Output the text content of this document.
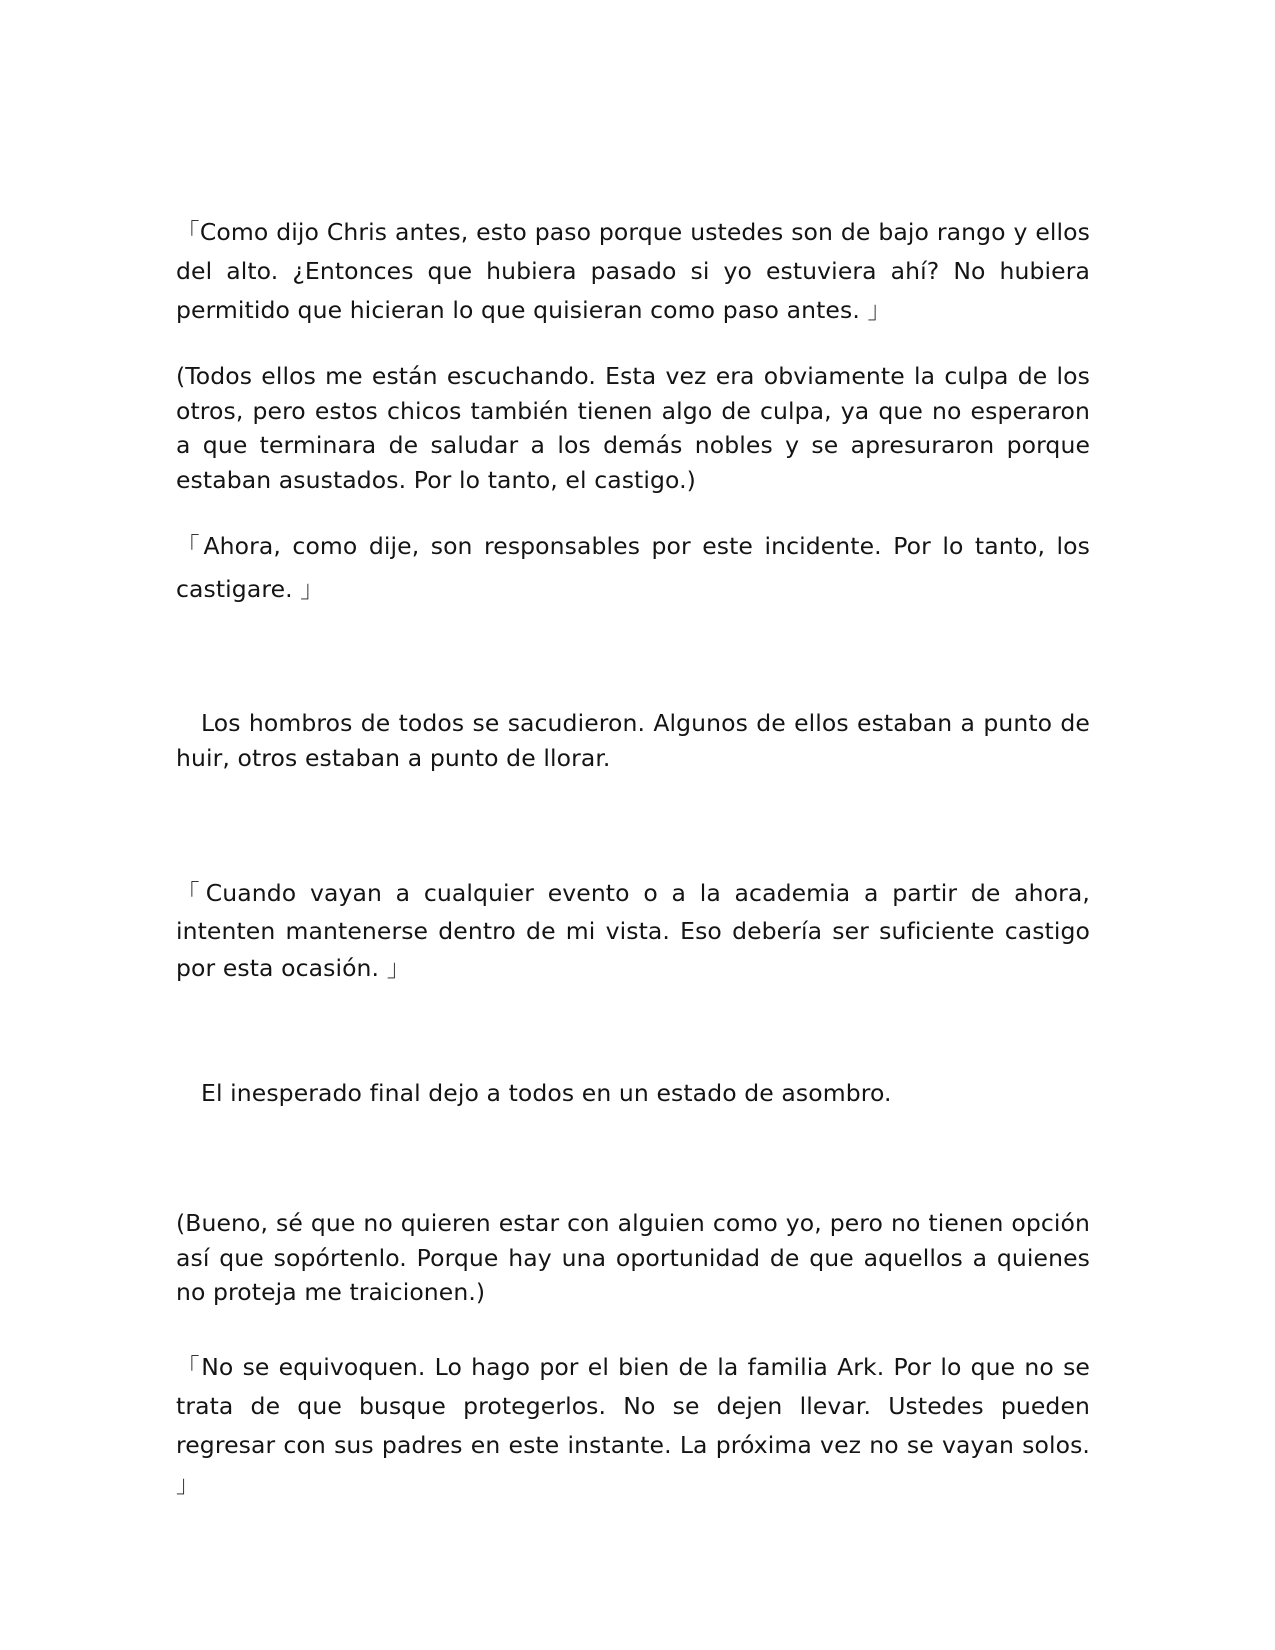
「Como dijo Chris antes, esto paso porque ustedes son de bajo rango y ellos del alto. ¿Entonces que hubiera pasado si yo estuviera ahí? No hubiera permitido que hicieran lo que quisieran como paso antes. 」

(Todos ellos me están escuchando. Esta vez era obviamente la culpa de los otros, pero estos chicos también tienen algo de culpa, ya que no esperaron a que terminara de saludar a los demás nobles y se apresuraron porque estaban asustados. Por lo tanto, el castigo.)

「Ahora, como dije, son responsables por este incidente. Por lo tanto, los castigare. 」

Los hombros de todos se sacudieron. Algunos de ellos estaban a punto de huir, otros estaban a punto de llorar.

「Cuando vayan a cualquier evento o a la academia a partir de ahora, intenten mantenerse dentro de mi vista. Eso debería ser suficiente castigo por esta ocasión. 」

El inesperado final dejo a todos en un estado de asombro.

(Bueno, sé que no quieren estar con alguien como yo, pero no tienen opción así que sopórtenlo. Porque hay una oportunidad de que aquellos a quienes no proteja me traicionen.)

「No se equivoquen. Lo hago por el bien de la familia Ark. Por lo que no se trata de que busque protegerlos. No se dejen llevar. Ustedes pueden regresar con sus padres en este instante. La próxima vez no se vayan solos. 」
